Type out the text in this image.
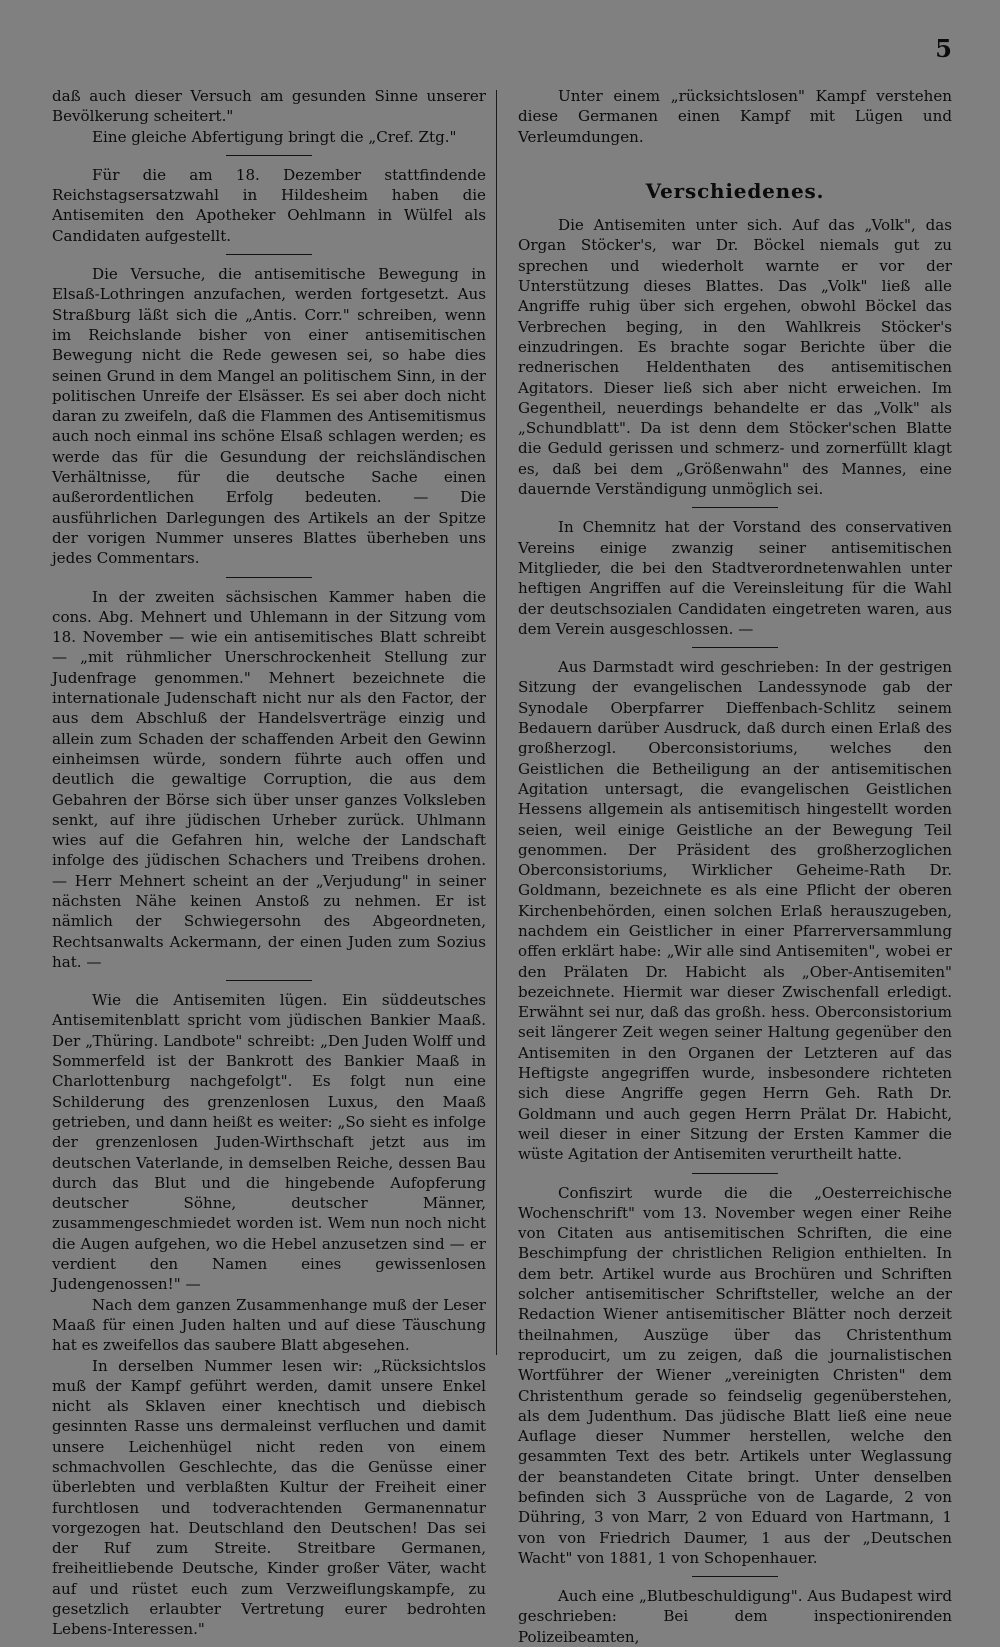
5

daß auch dieser Versuch am gesunden Sinne unserer Bevölkerung scheitert."

Eine gleiche Abfertigung bringt die „Cref. Ztg."

Für die am 18. Dezember stattfindende Reichstagsersatzwahl in Hildesheim haben die Antisemiten den Apotheker Oehlmann in Wülfel als Candidaten aufgestellt.

Die Versuche, die antisemitische Bewegung in Elsaß-Lothringen anzufachen, werden fortgesetzt. Aus Straßburg läßt sich die „Antis. Corr." schreiben, wenn im Reichslande bisher von einer antisemitischen Bewegung nicht die Rede gewesen sei, so habe dies seinen Grund in dem Mangel an politischem Sinn, in der politischen Unreife der Elsässer. Es sei aber doch nicht daran zu zweifeln, daß die Flammen des Antisemitismus auch noch einmal ins schöne Elsaß schlagen werden; es werde das für die Gesundung der reichsländischen Verhältnisse, für die deutsche Sache einen außerordentlichen Erfolg bedeuten. — Die ausführlichen Darlegungen des Artikels an der Spitze der vorigen Nummer unseres Blattes überheben uns jedes Commentars.

In der zweiten sächsischen Kammer haben die cons. Abg. Mehnert und Uhlemann in der Sitzung vom 18. November — wie ein antisemitisches Blatt schreibt — „mit rühmlicher Unerschrockenheit Stellung zur Judenfrage genommen." Mehnert bezeichnete die internationale Judenschaft nicht nur als den Factor, der aus dem Abschluß der Handelsverträge einzig und allein zum Schaden der schaffenden Arbeit den Gewinn einheimsen würde, sondern führte auch offen und deutlich die gewaltige Corruption, die aus dem Gebahren der Börse sich über unser ganzes Volksleben senkt, auf ihre jüdischen Urheber zurück. Uhlmann wies auf die Gefahren hin, welche der Landschaft infolge des jüdischen Schachers und Treibens drohen. — Herr Mehnert scheint an der „Verjudung" in seiner nächsten Nähe keinen Anstoß zu nehmen. Er ist nämlich der Schwiegersohn des Abgeordneten, Rechtsanwalts Ackermann, der einen Juden zum Sozius hat. —

Wie die Antisemiten lügen. Ein süddeutsches Antisemitenblatt spricht vom jüdischen Bankier Maaß. Der „Thüring. Landbote" schreibt: „Den Juden Wolff und Sommerfeld ist der Bankrott des Bankier Maaß in Charlottenburg nachgefolgt". Es folgt nun eine Schilderung des grenzenlosen Luxus, den Maaß getrieben, und dann heißt es weiter: „So sieht es infolge der grenzenlosen Juden-Wirthschaft jetzt aus im deutschen Vaterlande, in demselben Reiche, dessen Bau durch das Blut und die hingebende Aufopferung deutscher Söhne, deutscher Männer, zusammengeschmiedet worden ist. Wem nun noch nicht die Augen aufgehen, wo die Hebel anzusetzen sind — er verdient den Namen eines gewissenlosen Judengenossen!" —

Nach dem ganzen Zusammenhange muß der Leser Maaß für einen Juden halten und auf diese Täuschung hat es zweifellos das saubere Blatt abgesehen.

In derselben Nummer lesen wir: „Rücksichtslos muß der Kampf geführt werden, damit unsere Enkel nicht als Sklaven einer knechtisch und diebisch gesinnten Rasse uns dermaleinst verfluchen und damit unsere Leichenhügel nicht reden von einem schmachvollen Geschlechte, das die Genüsse einer überlebten und verblaßten Kultur der Freiheit einer furchtlosen und todverachtenden Germanennatur vorgezogen hat. Deutschland den Deutschen! Das sei der Ruf zum Streite. Streitbare Germanen, freiheitliebende Deutsche, Kinder großer Väter, wacht auf und rüstet euch zum Verzweiflungskampfe, zu gesetzlich erlaubter Vertretung eurer bedrohten Lebens-Interessen."

Unter einem „rücksichtslosen" Kampf verstehen diese Germanen einen Kampf mit Lügen und Verleumdungen.

Verschiedenes.

Die Antisemiten unter sich. Auf das „Volk", das Organ Stöcker's, war Dr. Böckel niemals gut zu sprechen und wiederholt warnte er vor der Unterstützung dieses Blattes. Das „Volk" ließ alle Angriffe ruhig über sich ergehen, obwohl Böckel das Verbrechen beging, in den Wahlkreis Stöcker's einzudringen. Es brachte sogar Berichte über die rednerischen Heldenthaten des antisemitischen Agitators. Dieser ließ sich aber nicht erweichen. Im Gegentheil, neuerdings behandelte er das „Volk" als „Schundblatt". Da ist denn dem Stöcker'schen Blatte die Geduld gerissen und schmerz- und zornerfüllt klagt es, daß bei dem „Größenwahn" des Mannes, eine dauernde Verständigung unmöglich sei.

In Chemnitz hat der Vorstand des conservativen Vereins einige zwanzig seiner antisemitischen Mitglieder, die bei den Stadtverordnetenwahlen unter heftigen Angriffen auf die Vereinsleitung für die Wahl der deutschsozialen Candidaten eingetreten waren, aus dem Verein ausgeschlossen. —

Aus Darmstadt wird geschrieben: In der gestrigen Sitzung der evangelischen Landessynode gab der Synodale Oberpfarrer Dieffenbach-Schlitz seinem Bedauern darüber Ausdruck, daß durch einen Erlaß des großherzogl. Oberconsistoriums, welches den Geistlichen die Betheiligung an der antisemitischen Agitation untersagt, die evangelischen Geistlichen Hessens allgemein als antisemitisch hingestellt worden seien, weil einige Geistliche an der Bewegung Teil genommen. Der Präsident des großherzoglichen Oberconsistoriums, Wirklicher Geheime-Rath Dr. Goldmann, bezeichnete es als eine Pflicht der oberen Kirchenbehörden, einen solchen Erlaß herauszugeben, nachdem ein Geistlicher in einer Pfarrerversammlung offen erklärt habe: „Wir alle sind Antisemiten", wobei er den Prälaten Dr. Habicht als „Ober-Antisemiten" bezeichnete. Hiermit war dieser Zwischenfall erledigt. Erwähnt sei nur, daß das großh. hess. Oberconsistorium seit längerer Zeit wegen seiner Haltung gegenüber den Antisemiten in den Organen der Letzteren auf das Heftigste angegriffen wurde, insbesondere richteten sich diese Angriffe gegen Herrn Geh. Rath Dr. Goldmann und auch gegen Herrn Prälat Dr. Habicht, weil dieser in einer Sitzung der Ersten Kammer die wüste Agitation der Antisemiten verurtheilt hatte.

Confiszirt wurde die die „Oesterreichische Wochenschrift" vom 13. November wegen einer Reihe von Citaten aus antisemitischen Schriften, die eine Beschimpfung der christlichen Religion enthielten. In dem betr. Artikel wurde aus Brochüren und Schriften solcher antisemitischer Schriftsteller, welche an der Redaction Wiener antisemitischer Blätter noch derzeit theilnahmen, Auszüge über das Christenthum reproducirt, um zu zeigen, daß die journalistischen Wortführer der Wiener „vereinigten Christen" dem Christenthum gerade so feindselig gegenüberstehen, als dem Judenthum. Das jüdische Blatt ließ eine neue Auflage dieser Nummer herstellen, welche den gesammten Text des betr. Artikels unter Weglassung der beanstandeten Citate bringt. Unter denselben befinden sich 3 Aussprüche von de Lagarde, 2 von Dühring, 3 von Marr, 2 von Eduard von Hartmann, 1 von von Friedrich Daumer, 1 aus der „Deutschen Wacht" von 1881, 1 von Schopenhauer.

Auch eine „Blutbeschuldigung". Aus Budapest wird geschrieben: Bei dem inspectionirenden Polizeibeamten,
